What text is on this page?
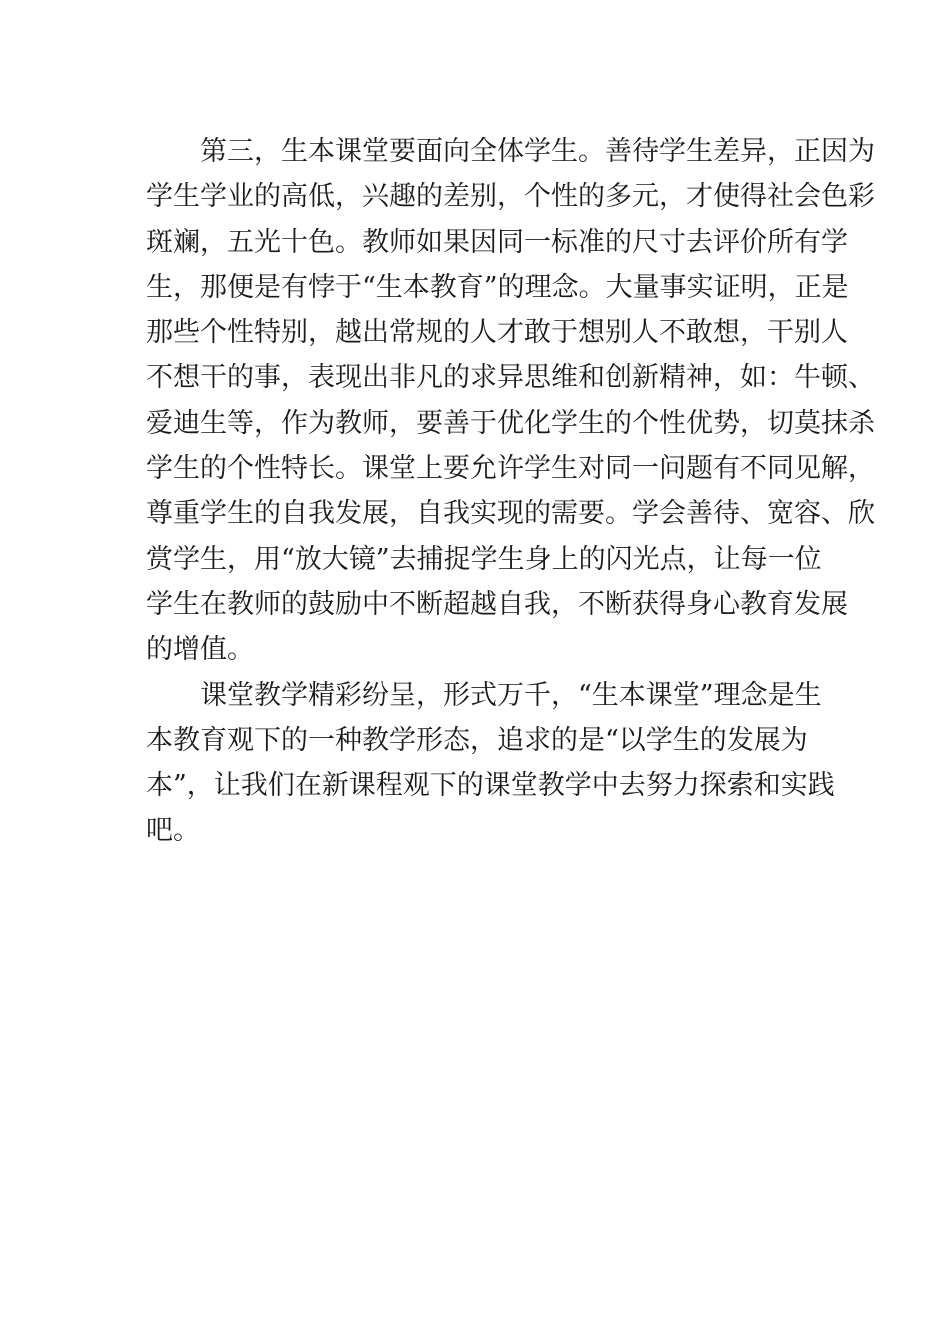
第三，生本课堂要面向全体学生。善待学生差异，正因为
学生学业的高低，兴趣的差别，个性的多元，才使得社会色彩
斑斓，五光十色。教师如果因同一标准的尺寸去评价所有学
生，那便是有悖于“生本教育”的理念。大量事实证明，正是
那些个性特别，越出常规的人才敢于想别人不敢想，干别人
不想干的事，表现出非凡的求异思维和创新精神，如：牛顿、
爱迪生等，作为教师，要善于优化学生的个性优势，切莫抹杀
学生的个性特长。课堂上要允许学生对同一问题有不同见解，
尊重学生的自我发展，自我实现的需要。学会善待、宽容、欣
赏学生，用“放大镜”去捕捉学生身上的闪光点，让每一位
学生在教师的鼓励中不断超越自我，不断获得身心教育发展
的增值。
课堂教学精彩纷呈，形式万千，“生本课堂”理念是生
本教育观下的一种教学形态，追求的是“以学生的发展为
本”，让我们在新课程观下的课堂教学中去努力探索和实践
吧。
